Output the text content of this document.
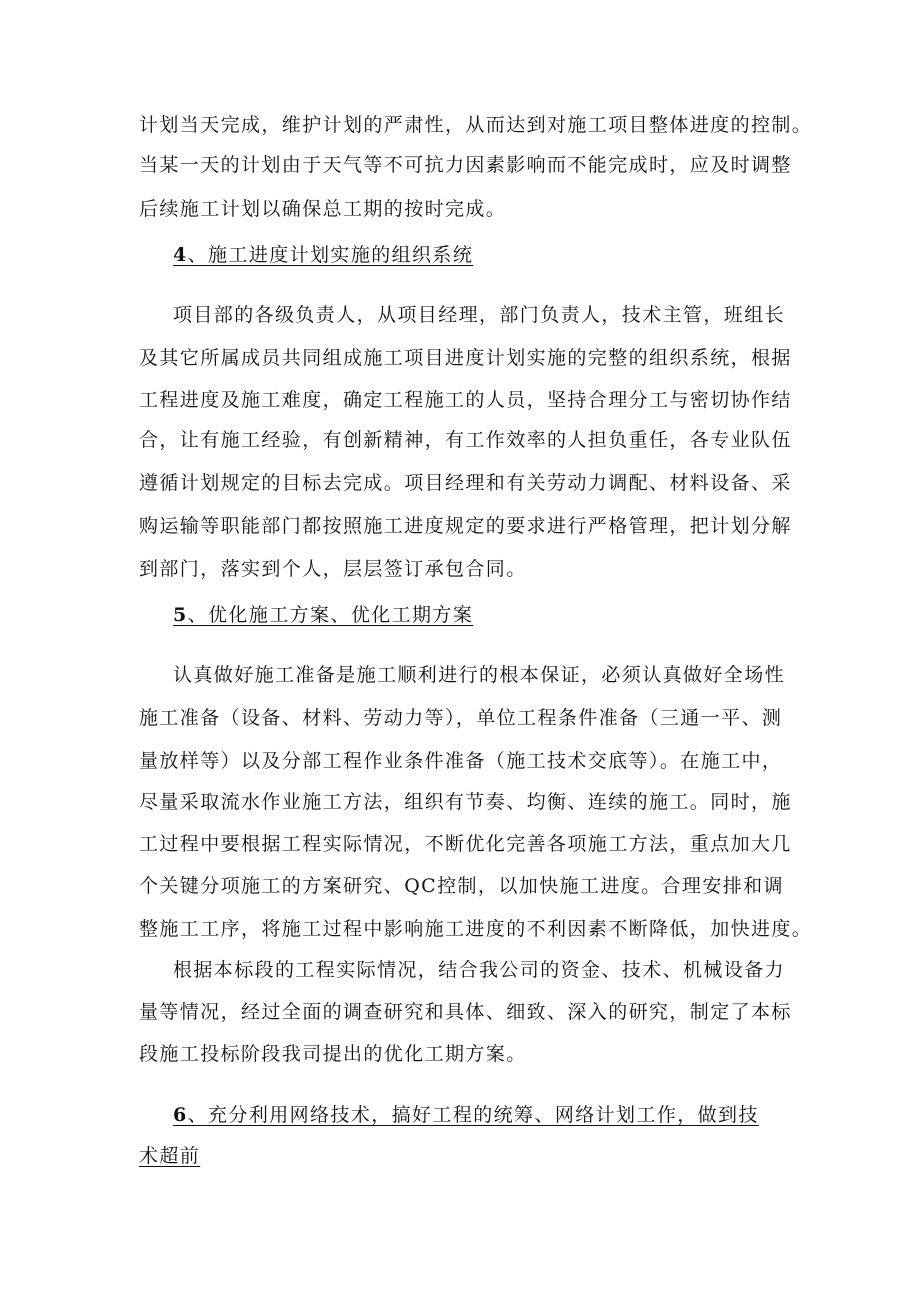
计划当天完成，维护计划的严肃性，从而达到对施工项目整体进度的控制。
当某一天的计划由于天气等不可抗力因素影响而不能完成时，应及时调整
后续施工计划以确保总工期的按时完成。
4、施工进度计划实施的组织系统
项目部的各级负责人，从项目经理，部门负责人，技术主管，班组长
及其它所属成员共同组成施工项目进度计划实施的完整的组织系统，根据
工程进度及施工难度，确定工程施工的人员，坚持合理分工与密切协作结
合，让有施工经验，有创新精神，有工作效率的人担负重任，各专业队伍
遵循计划规定的目标去完成。项目经理和有关劳动力调配、材料设备、采
购运输等职能部门都按照施工进度规定的要求进行严格管理，把计划分解
到部门，落实到个人，层层签订承包合同。
5、优化施工方案、优化工期方案
认真做好施工准备是施工顺利进行的根本保证，必须认真做好全场性
施工准备（设备、材料、劳动力等），单位工程条件准备（三通一平、测
量放样等）以及分部工程作业条件准备（施工技术交底等）。在施工中，
尽量采取流水作业施工方法，组织有节奏、均衡、连续的施工。同时，施
工过程中要根据工程实际情况，不断优化完善各项施工方法，重点加大几
个关键分项施工的方案研究、QC控制，以加快施工进度。合理安排和调
整施工工序，将施工过程中影响施工进度的不利因素不断降低，加快进度。
根据本标段的工程实际情况，结合我公司的资金、技术、机械设备力
量等情况，经过全面的调查研究和具体、细致、深入的研究，制定了本标
段施工投标阶段我司提出的优化工期方案。
6、充分利用网络技术，搞好工程的统筹、网络计划工作，做到技
术超前
